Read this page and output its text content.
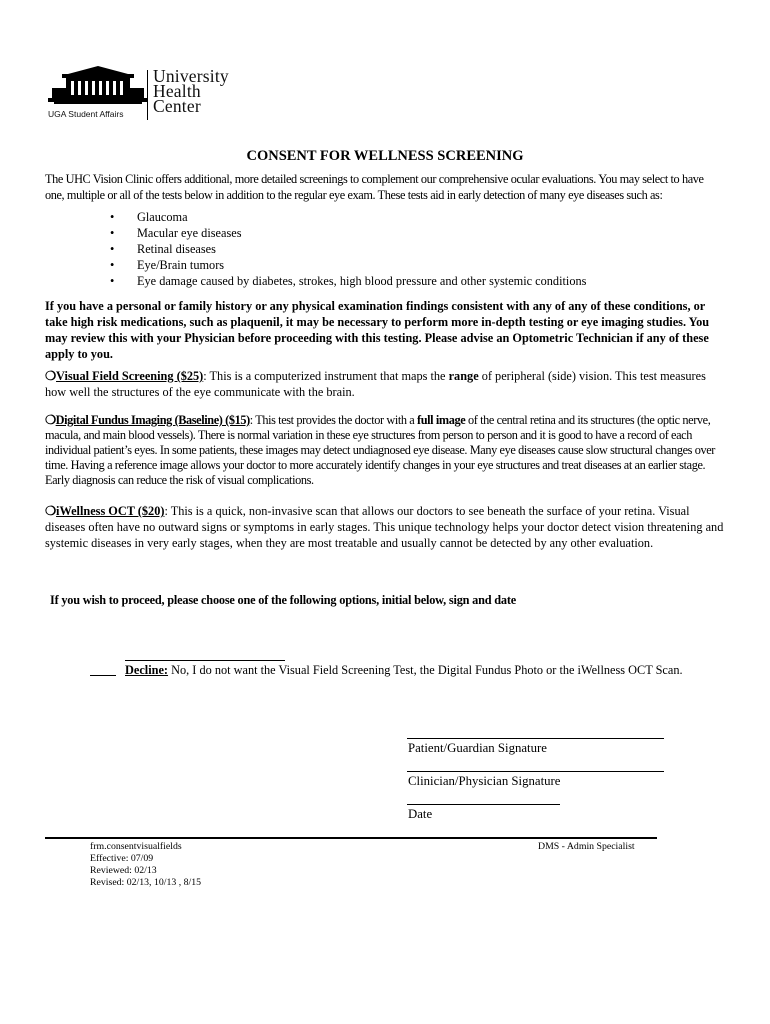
UGA Student Affairs
University
Health
Center
CONSENT FOR WELLNESS SCREENING
The UHC Vision Clinic offers additional, more detailed screenings to complement our comprehensive ocular evaluations. You may select to have one, multiple or all of the tests below in addition to the regular eye exam. These tests aid in early detection of many eye diseases such as:
• Glaucoma
• Macular eye diseases
• Retinal diseases
• Eye/Brain tumors
• Eye damage caused by diabetes, strokes, high blood pressure and other systemic conditions
If you have a personal or family history or any physical examination findings consistent with any of any of these conditions, or take high risk medications, such as plaquenil, it may be necessary to perform more in-depth testing or eye imaging studies. You may review this with your Physician before proceeding with this testing. Please advise an Optometric Technician if any of these apply to you.
❍Visual Field Screening ($25): This is a computerized instrument that maps the range of peripheral (side) vision. This test measures how well the structures of the eye communicate with the brain.
❍Digital Fundus Imaging (Baseline) ($15): This test provides the doctor with a full image of the central retina and its structures (the optic nerve, macula, and main blood vessels). There is normal variation in these eye structures from person to person and it is good to have a record of each individual patient’s eyes. In some patients, these images may detect undiagnosed eye disease. Many eye diseases cause slow structural changes over time. Having a reference image allows your doctor to more accurately identify changes in your eye structures and treat diseases at an earlier stage. Early diagnosis can reduce the risk of visual complications.
❍iWellness OCT ($20): This is a quick, non-invasive scan that allows our doctors to see beneath the surface of your retina. Visual diseases often have no outward signs or symptoms in early stages. This unique technology helps your doctor detect vision threatening and systemic diseases in very early stages, when they are most treatable and usually cannot be detected by any other evaluation.
If you wish to proceed, please choose one of the following options, initial below, sign and date
Decline: No, I do not want the Visual Field Screening Test, the Digital Fundus Photo or the iWellness OCT Scan.
Patient/Guardian Signature
Clinician/Physician Signature
Date
frm.consentvisualfields
Effective: 07/09
Reviewed: 02/13
Revised: 02/13, 10/13 , 8/15
DMS - Admin Specialist
